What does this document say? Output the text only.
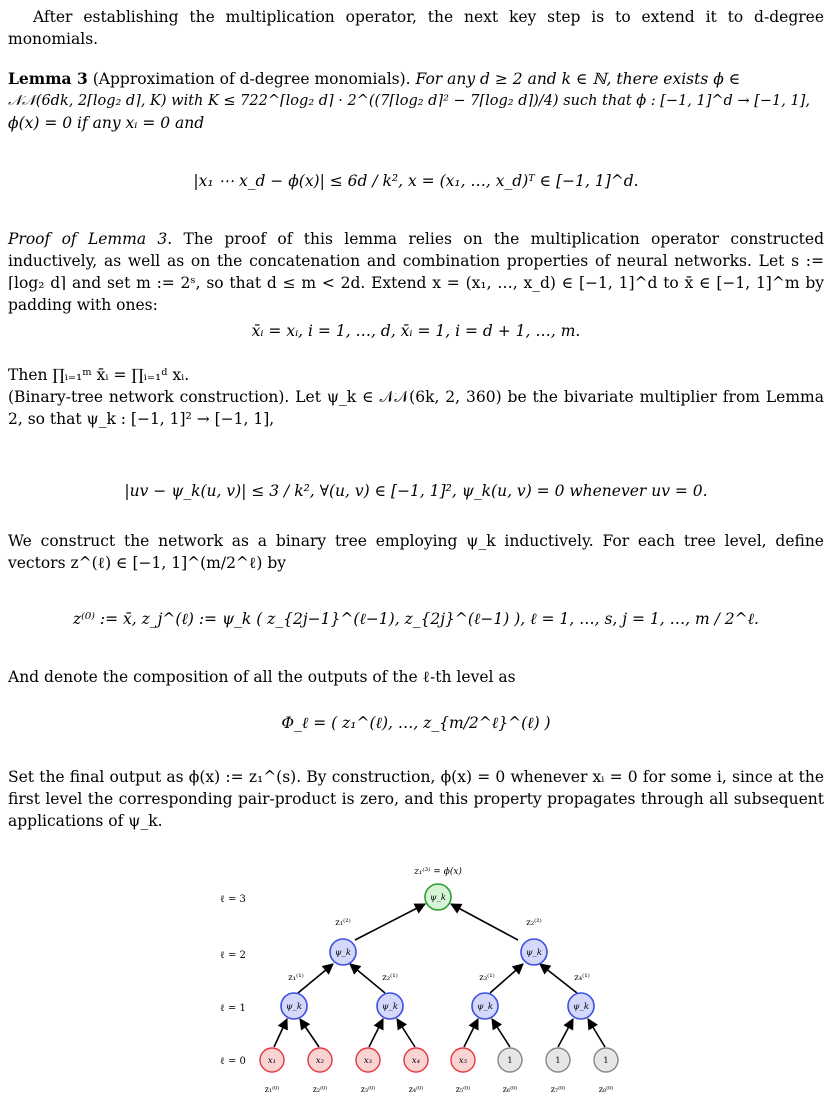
After establishing the multiplication operator, the next key step is to extend it to d-degree monomials.

Lemma 3 (Approximation of d-degree monomials). For any d ≥ 2 and k ∈ ℕ, there exists ϕ ∈

𝒩𝒩(6dk, 2⌈log₂ d⌉, K) with K ≤ 722^⌈log₂ d⌉ · 2^((7⌈log₂ d⌉² − 7⌈log₂ d⌉)/4) such that ϕ : [−1, 1]^d → [−1, 1],

ϕ(x) = 0 if any xᵢ = 0 and

|x₁ ⋯ x_d − ϕ(x)| ≤ 6d / k², x = (x₁, …, x_d)ᵀ ∈ [−1, 1]^d.

Proof of Lemma 3. The proof of this lemma relies on the multiplication operator constructed inductively, as well as on the concatenation and combination properties of neural networks. Let s := ⌈log₂ d⌉ and set m := 2ˢ, so that d ≤ m < 2d. Extend x = (x₁, …, x_d) ∈ [−1, 1]^d to x̄ ∈ [−1, 1]^m by padding with ones:

x̄ᵢ = xᵢ, i = 1, …, d, x̄ᵢ = 1, i = d + 1, …, m.

Then ∏ᵢ₌₁ᵐ x̄ᵢ = ∏ᵢ₌₁ᵈ xᵢ.

(Binary-tree network construction). Let ψ_k ∈ 𝒩𝒩(6k, 2, 360) be the bivariate multiplier from Lemma 2, so that ψ_k : [−1, 1]² → [−1, 1],

|uv − ψ_k(u, v)| ≤ 3 / k², ∀(u, v) ∈ [−1, 1]², ψ_k(u, v) = 0 whenever uv = 0.

We construct the network as a binary tree employing ψ_k inductively. For each tree level, define vectors z^(ℓ) ∈ [−1, 1]^(m/2^ℓ) by

z⁽⁰⁾ := x̄, z_j^(ℓ) := ψ_k ( z_{2j−1}^(ℓ−1), z_{2j}^(ℓ−1) ), ℓ = 1, …, s, j = 1, …, m / 2^ℓ.

And denote the composition of all the outputs of the ℓ-th level as

Φ_ℓ = ( z₁^(ℓ), …, z_{m/2^ℓ}^(ℓ) )

Set the final output as ϕ(x) := z₁^(s). By construction, ϕ(x) = 0 whenever xᵢ = 0 for some i, since at the first level the corresponding pair-product is zero, and this property propagates through all subsequent applications of ψ_k.

ℓ = 3
ℓ = 2
ℓ = 1
ℓ = 0
z₁⁽³⁾ = ϕ(x)
ψ_k
z₁⁽²⁾	z₂⁽²⁾
ψ_k	ψ_k
z₁⁽¹⁾	z₂⁽¹⁾	z₃⁽¹⁾	z₄⁽¹⁾
ψ_k	ψ_k	ψ_k	ψ_k
x₁	x₂	x₃	x₄	x₅	1	1	1
z₁⁽⁰⁾	z₂⁽⁰⁾	z₃⁽⁰⁾	z₄⁽⁰⁾	z₅⁽⁰⁾	z₆⁽⁰⁾	z₇⁽⁰⁾	z₈⁽⁰⁾
